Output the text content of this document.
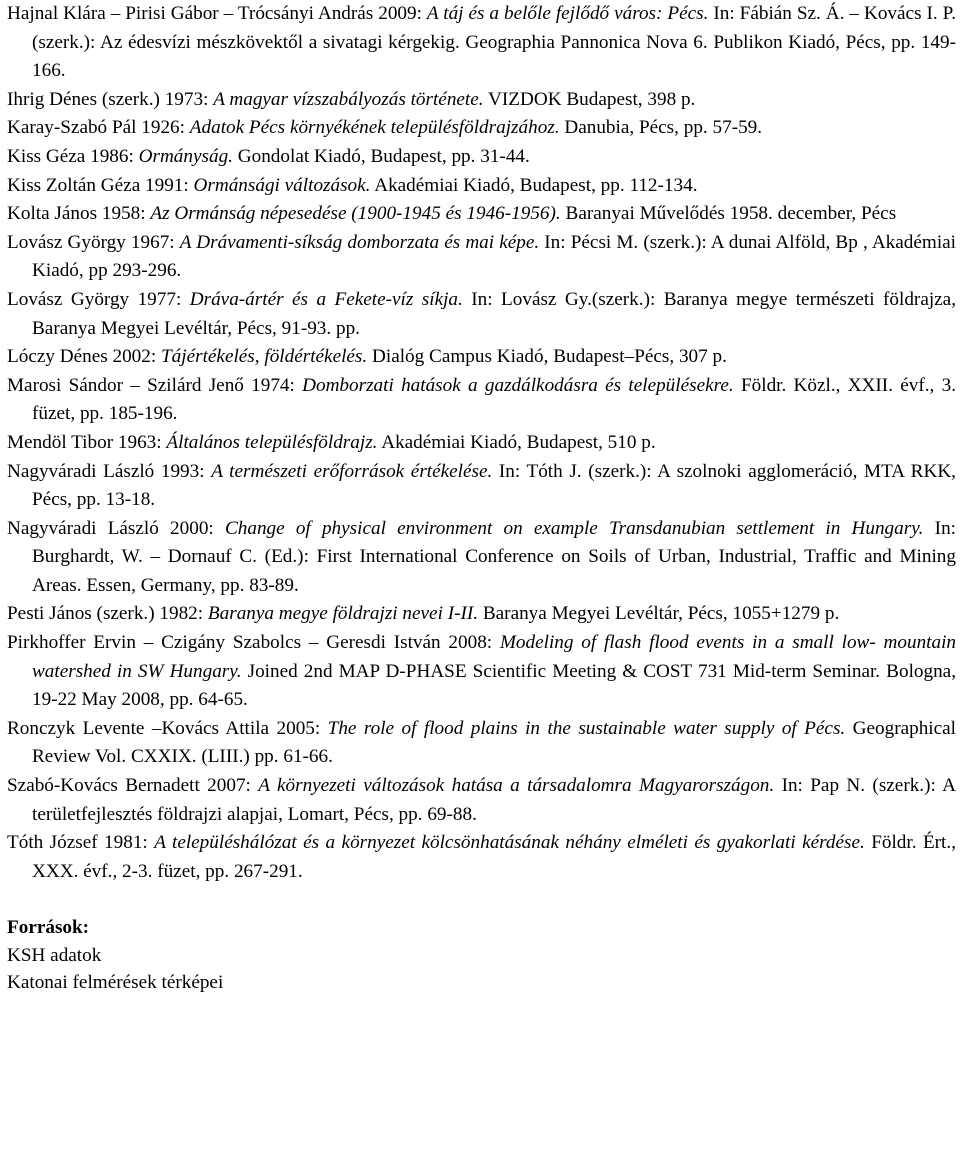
Hajnal Klára – Pirisi Gábor – Trócsányi András 2009: A táj és a belőle fejlődő város: Pécs. In: Fábián Sz. Á. – Kovács I. P. (szerk.): Az édesvízi mészkövektől a sivatagi kérgekig. Geographia Pannonica Nova 6. Publikon Kiadó, Pécs, pp. 149-166.

Ihrig Dénes (szerk.) 1973: A magyar vízszabályozás története. VIZDOK Budapest, 398 p.

Karay-Szabó Pál 1926: Adatok Pécs környékének településföldrajzához. Danubia, Pécs, pp. 57-59.

Kiss Géza 1986: Ormányság. Gondolat Kiadó, Budapest, pp. 31-44.

Kiss Zoltán Géza 1991: Ormánsági változások. Akadémiai Kiadó, Budapest, pp. 112-134.

Kolta János 1958: Az Ormánság népesedése (1900-1945 és 1946-1956). Baranyai Művelődés 1958. december, Pécs

Lovász György 1967: A Drávamenti-síkság domborzata és mai képe. In: Pécsi M. (szerk.): A dunai Alföld, Bp , Akadémiai Kiadó, pp 293-296.

Lovász György 1977: Dráva-ártér és a Fekete-víz síkja. In: Lovász Gy.(szerk.): Baranya megye természeti földrajza, Baranya Megyei Levéltár, Pécs, 91-93. pp.

Lóczy Dénes 2002: Tájértékelés, földértékelés. Dialóg Campus Kiadó, Budapest–Pécs, 307 p.

Marosi Sándor – Szilárd Jenő 1974: Domborzati hatások a gazdálkodásra és településekre. Földr. Közl., XXII. évf., 3. füzet, pp. 185-196.

Mendöl Tibor 1963: Általános településföldrajz. Akadémiai Kiadó, Budapest, 510 p.

Nagyváradi László 1993: A természeti erőforrások értékelése. In: Tóth J. (szerk.): A szolnoki agglomeráció, MTA RKK, Pécs, pp. 13-18.

Nagyváradi László 2000: Change of physical environment on example Transdanubian settlement in Hungary. In: Burghardt, W. – Dornauf C. (Ed.): First International Conference on Soils of Urban, Industrial, Traffic and Mining Areas. Essen, Germany, pp. 83-89.

Pesti János (szerk.) 1982: Baranya megye földrajzi nevei I-II. Baranya Megyei Levéltár, Pécs, 1055+1279 p.

Pirkhoffer Ervin – Czigány Szabolcs – Geresdi István 2008: Modeling of flash flood events in a small low- mountain watershed in SW Hungary. Joined 2nd MAP D-PHASE Scientific Meeting & COST 731 Mid-term Seminar. Bologna, 19-22 May 2008, pp. 64-65.

Ronczyk Levente –Kovács Attila 2005: The role of flood plains in the sustainable water supply of Pécs. Geographical Review Vol. CXXIX. (LIII.) pp. 61-66.

Szabó-Kovács Bernadett 2007: A környezeti változások hatása a társadalomra Magyarországon. In: Pap N. (szerk.): A területfejlesztés földrajzi alapjai, Lomart, Pécs, pp. 69-88.

Tóth József 1981: A településhálózat és a környezet kölcsönhatásának néhány elméleti és gyakorlati kérdése. Földr. Ért., XXX. évf., 2-3. füzet, pp. 267-291.

Források:

KSH adatok

Katonai felmérések térképei
